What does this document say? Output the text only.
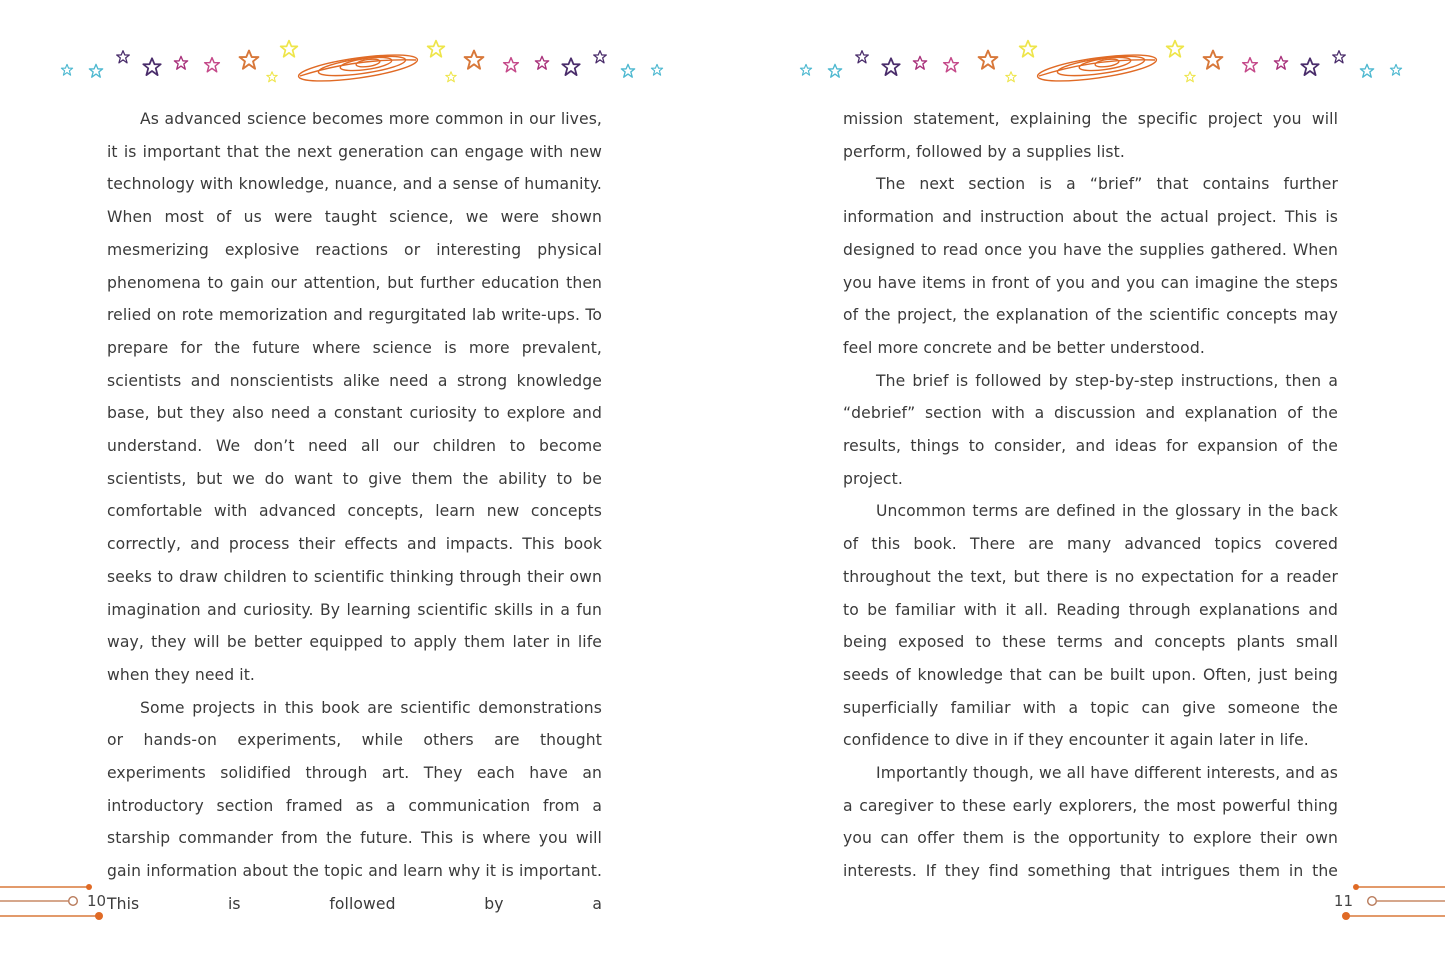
As advanced science becomes more common in our lives, it is important that the next generation can engage with new technology with knowledge, nuance, and a sense of humanity. When most of us were taught science, we were shown mesmerizing explosive reactions or interesting physical phenomena to gain our attention, but further education then relied on rote memorization and regurgitated lab write-ups. To prepare for the future where science is more prevalent, scientists and nonscientists alike need a strong knowledge base, but they also need a constant curiosity to explore and understand. We don’t need all our children to become scientists, but we do want to give them the ability to be comfortable with advanced concepts, learn new concepts correctly, and process their effects and impacts. This book seeks to draw children to scientific thinking through their own imagination and curiosity. By learning scientific skills in a fun way, they will be better equipped to apply them later in life when they need it.

Some projects in this book are scientific demonstrations or hands-on experiments, while others are thought experiments solidified through art. They each have an introductory section framed as a communication from a starship commander from the future. This is where you will gain information about the topic and learn why it is important. This is followed by a

10

mission statement, explaining the specific project you will perform, followed by a supplies list.

The next section is a “brief” that contains further information and instruction about the actual project. This is designed to read once you have the supplies gathered. When you have items in front of you and you can imagine the steps of the project, the explanation of the scientific concepts may feel more concrete and be better understood.

The brief is followed by step-by-step instructions, then a “debrief” section with a discussion and explanation of the results, things to consider, and ideas for expansion of the project.

Uncommon terms are defined in the glossary in the back of this book. There are many advanced topics covered throughout the text, but there is no expectation for a reader to be familiar with it all. Reading through explanations and being exposed to these terms and concepts plants small seeds of knowledge that can be built upon. Often, just being superficially familiar with a topic can give someone the confidence to dive in if they encounter it again later in life.

Importantly though, we all have different interests, and as a caregiver to these early explorers, the most powerful thing you can offer them is the opportunity to explore their own interests. If they find something that intrigues them in the

11
